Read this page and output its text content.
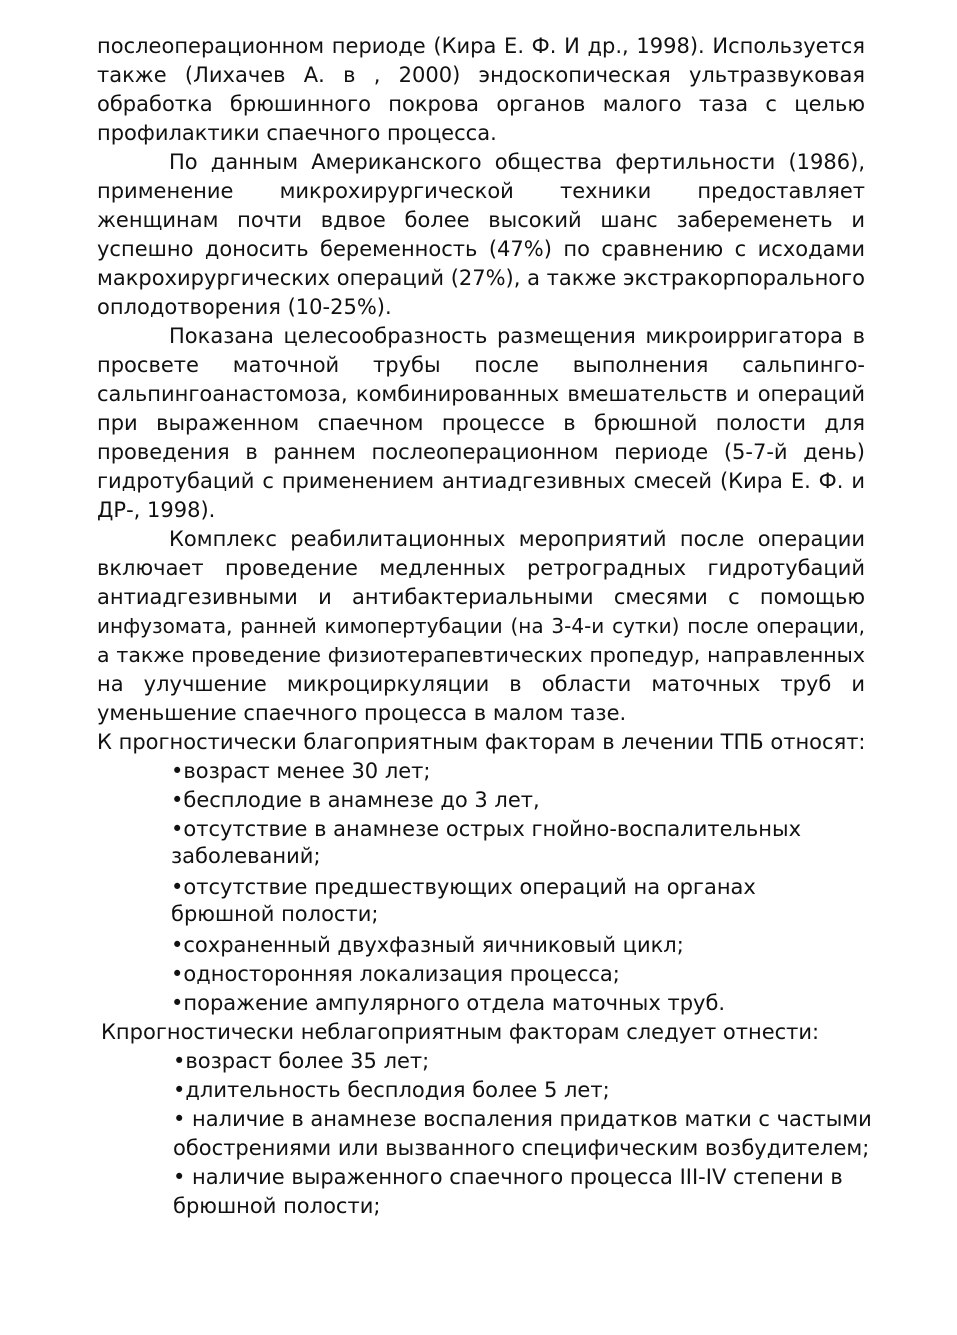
послеоперационном периоде (Кира Е. Ф. И др., 1998). Используется
также (Лихачев А. в , 2000) эндоскопическая ультразвуковая
обработка брюшинного покрова органов малого таза с целью
профилактики спаечного процесса.
По данным Американского общества фертильности (1986),
применение микрохирургической техники предоставляет
женщинам почти вдвое более высокий шанс забеременеть и
успешно доносить беременность (47%) по сравнению с исходами
макрохирургических операций (27%), а также экстракорпорального
оплодотворения (10-25%).
Показана целесообразность размещения микроирригатора в
просвете маточной трубы после выполнения сальпинго-
сальпингоанастомоза, комбинированных вмешательств и операций
при выраженном спаечном процессе в брюшной полости для
проведения в раннем послеоперационном периоде (5-7-й день)
гидротубаций с применением антиадгезивных смесей (Кира Е. Ф. и
ДР-, 1998).
Комплекс реабилитационных мероприятий после операции
включает проведение медленных ретроградных гидротубаций
антиадгезивными и антибактериальными смесями с помощью
инфузомата, ранней кимопертубации (на 3-4-и сутки) после операции,
а также проведение физиотерапевтических пропедур, направленных
на улучшение микроциркуляции в области маточных труб и
уменьшение спаечного процесса в малом тазе.
К прогностически благоприятным факторам в лечении ТПБ относят:
•возраст менее 30 лет;
•бесплодие в анамнезе до 3 лет,
•отсутствие в анамнезе острых гнойно-воспалительных
заболеваний;
•отсутствие предшествующих операций на органах
брюшной полости;
•сохраненный двухфазный яичниковый цикл;
•односторонняя локализация процесса;
•поражение ампулярного отдела маточных труб.
Кпрогностически неблагоприятным факторам следует отнести:
•возраст более 35 лет;
•длительность бесплодия более 5 лет;
• наличие в анамнезе воспаления придатков матки с частыми
обострениями или вызванного специфическим возбудителем;
• наличие выраженного спаечного процесса III-IV степени в
брюшной полости;
